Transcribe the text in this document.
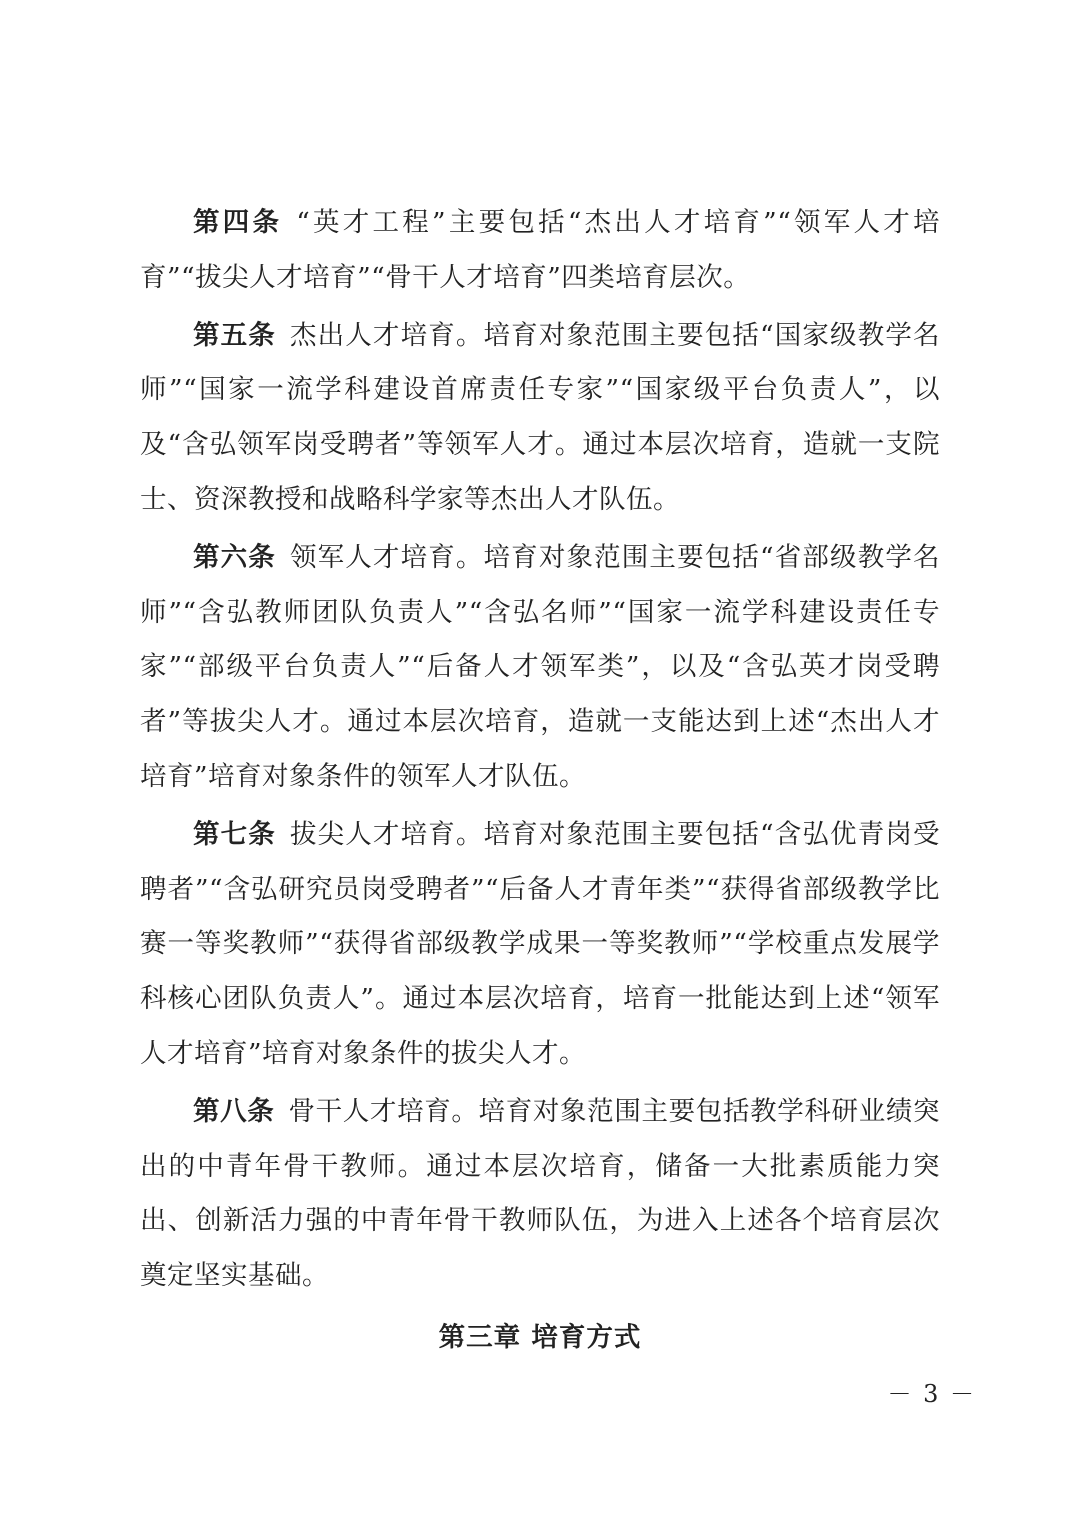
第四条 “英才工程”主要包括“杰出人才培育”“领军人才培育”“拔尖人才培育”“骨干人才培育”四类培育层次。

第五条 杰出人才培育。培育对象范围主要包括“国家级教学名师”“国家一流学科建设首席责任专家”“国家级平台负责人”，以及“含弘领军岗受聘者”等领军人才。通过本层次培育，造就一支院士、资深教授和战略科学家等杰出人才队伍。

第六条 领军人才培育。培育对象范围主要包括“省部级教学名师”“含弘教师团队负责人”“含弘名师”“国家一流学科建设责任专家”“部级平台负责人”“后备人才领军类”，以及“含弘英才岗受聘者”等拔尖人才。通过本层次培育，造就一支能达到上述“杰出人才培育”培育对象条件的领军人才队伍。

第七条 拔尖人才培育。培育对象范围主要包括“含弘优青岗受聘者”“含弘研究员岗受聘者”“后备人才青年类”“获得省部级教学比赛一等奖教师”“获得省部级教学成果一等奖教师”“学校重点发展学科核心团队负责人”。通过本层次培育，培育一批能达到上述“领军人才培育”培育对象条件的拔尖人才。

第八条 骨干人才培育。培育对象范围主要包括教学科研业绩突出的中青年骨干教师。通过本层次培育，储备一大批素质能力突出、创新活力强的中青年骨干教师队伍，为进入上述各个培育层次奠定坚实基础。

第三章 培育方式

－ 3 －
